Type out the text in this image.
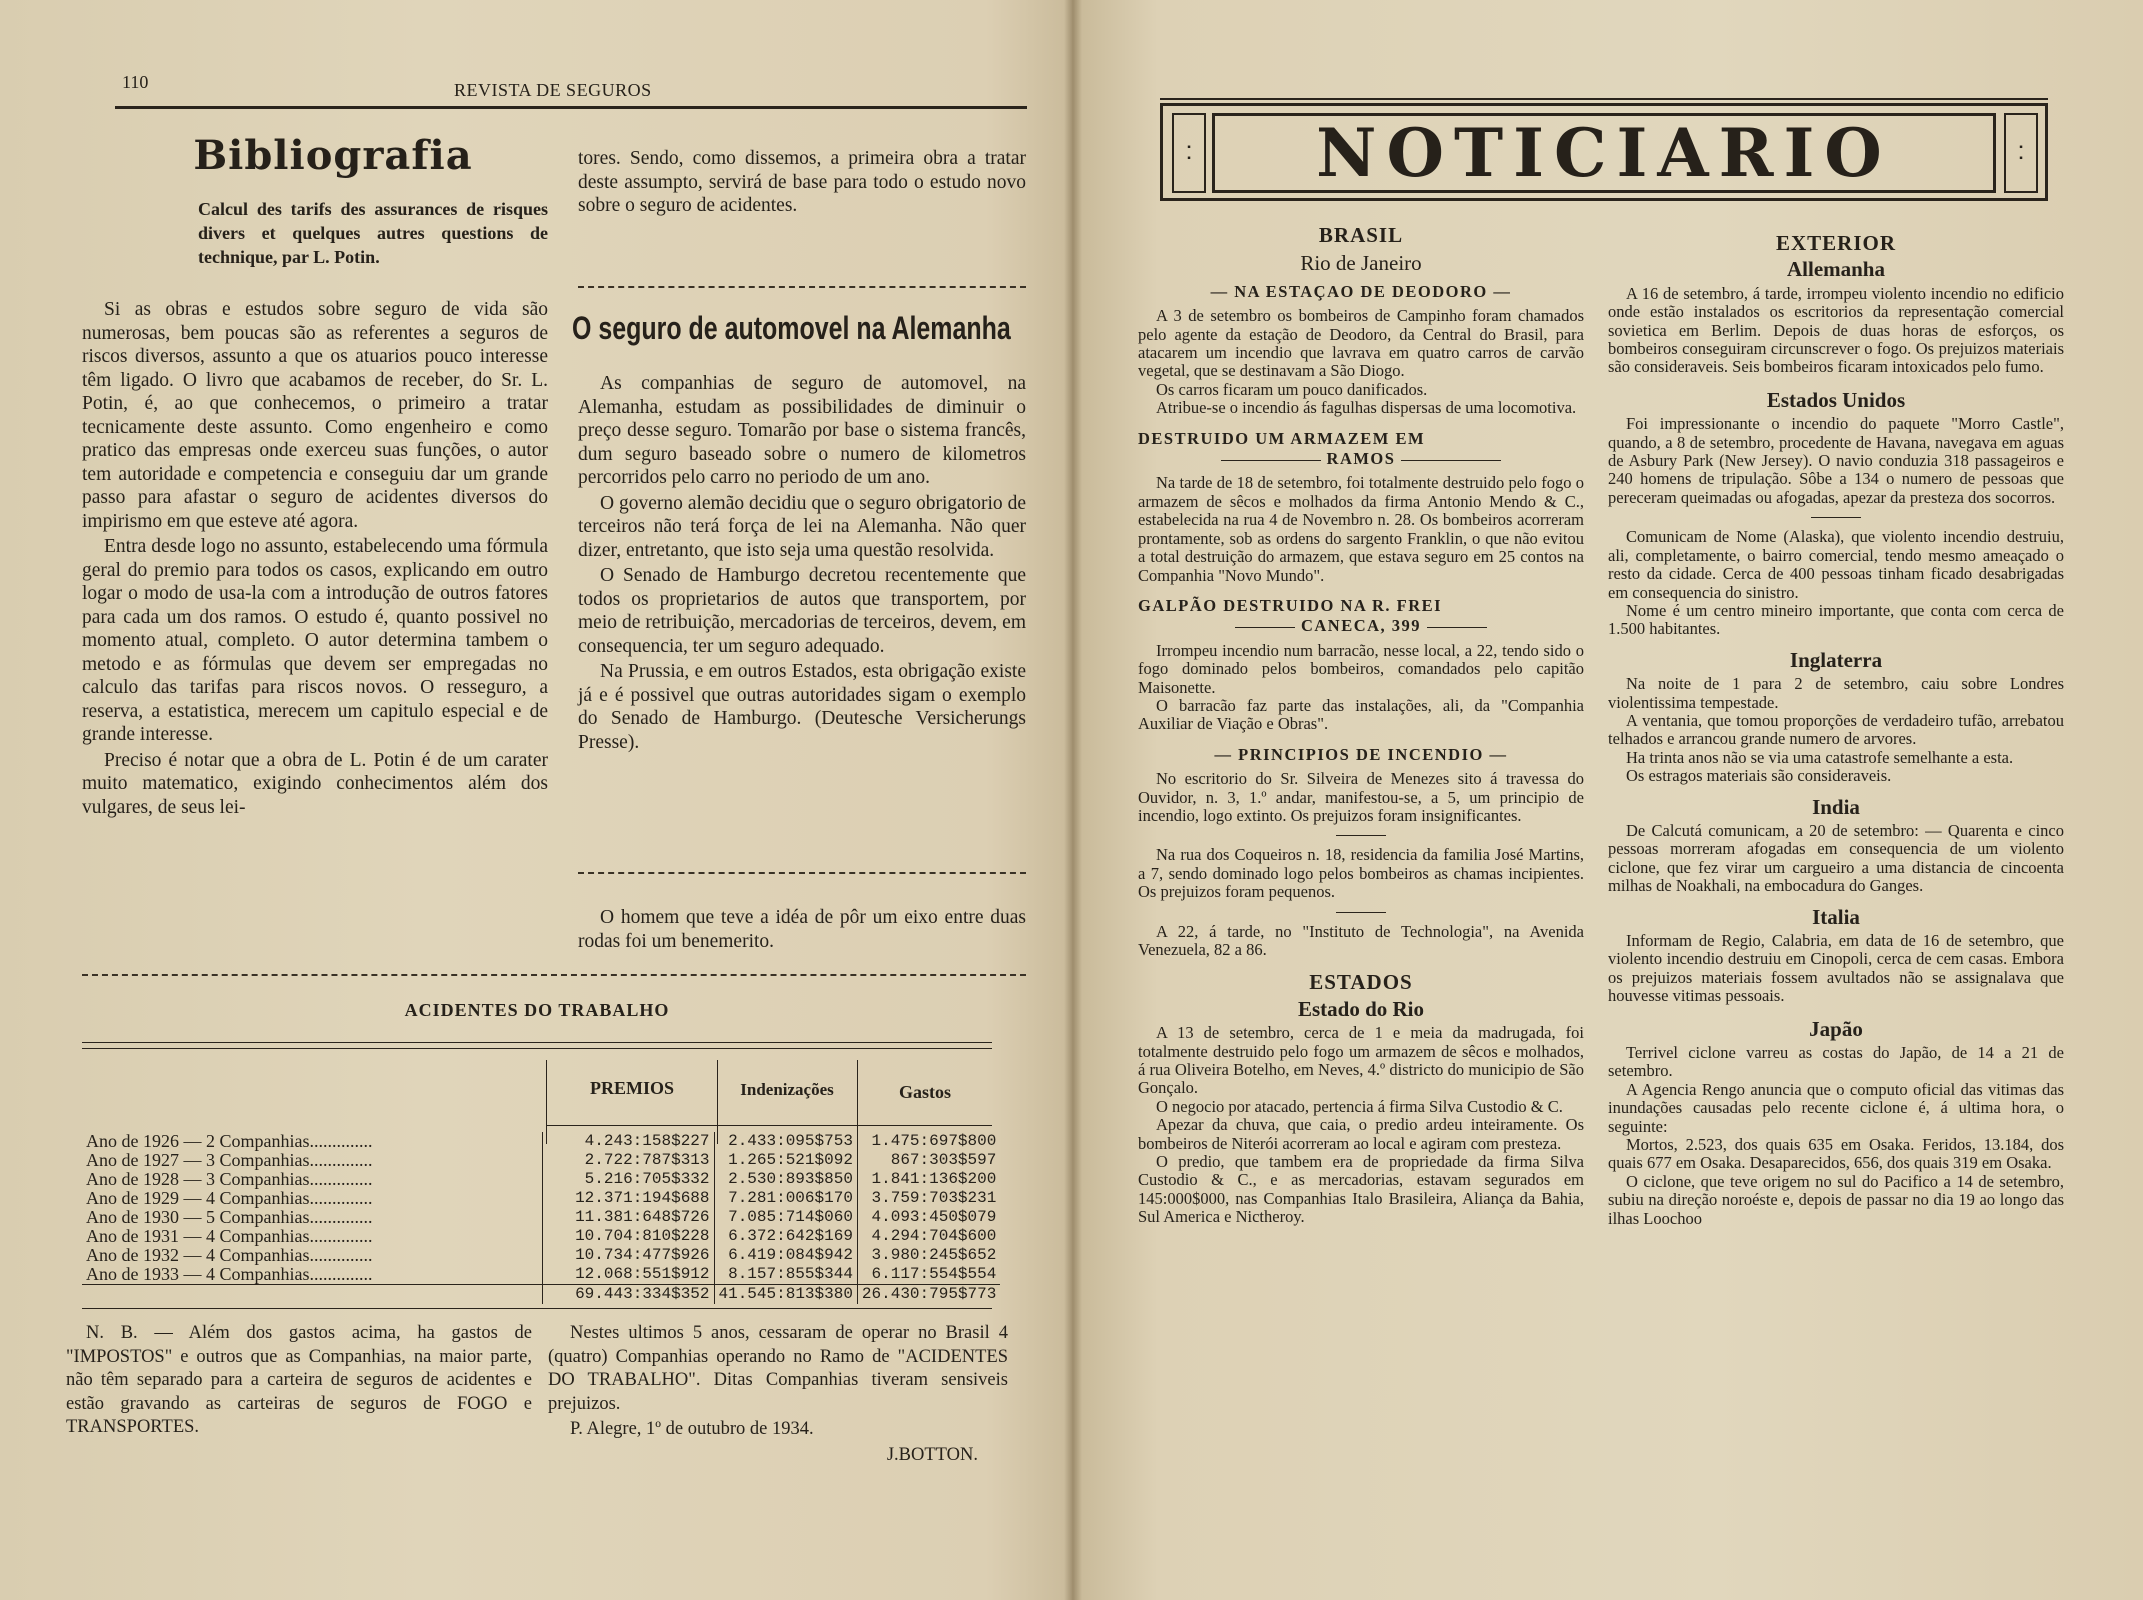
110	REVISTA DE SEGUROS
Bibliografia
Calcul des tarifs des assurances de risques divers et quelques autres questions de technique, par L. Potin.

Si as obras e estudos sobre seguro de vida são numerosas, bem poucas são as referentes a seguros de riscos diversos, assunto a que os atuarios pouco interesse têm ligado. O livro que acabamos de receber, do Sr. L. Potin, é, ao que conhecemos, o primeiro a tratar tecnicamente deste assunto. Como engenheiro e como pratico das empresas onde exerceu suas funções, o autor tem autoridade e competencia e conseguiu dar um grande passo para afastar o seguro de acidentes diversos do impirismo em que esteve até agora.

Entra desde logo no assunto, estabelecendo uma fórmula geral do premio para todos os casos, explicando em outro logar o modo de usa-la com a introdução de outros fatores para cada um dos ramos. O estudo é, quanto possivel no momento atual, completo. O autor determina tambem o metodo e as fórmulas que devem ser empregadas no calculo das tarifas para riscos novos. O resseguro, a reserva, a estatistica, merecem um capitulo especial e de grande interesse.

Preciso é notar que a obra de L. Potin é de um carater muito matematico, exigindo conhecimentos além dos vulgares, de seus lei-

tores. Sendo, como dissemos, a primeira obra a tratar deste assumpto, servirá de base para todo o estudo novo sobre o seguro de acidentes.

O seguro de automovel na Alemanha

As companhias de seguro de automovel, na Alemanha, estudam as possibilidades de diminuir o preço desse seguro. Tomarão por base o sistema francês, dum seguro baseado sobre o numero de kilometros percorridos pelo carro no periodo de um ano.

O governo alemão decidiu que o seguro obrigatorio de terceiros não terá força de lei na Alemanha. Não quer dizer, entretanto, que isto seja uma questão resolvida.

O Senado de Hamburgo decretou recentemente que todos os proprietarios de autos que transportem, por meio de retribuição, mercadorias de terceiros, devem, em consequencia, ter um seguro adequado.

Na Prussia, e em outros Estados, esta obrigação existe já e é possivel que outras autoridades sigam o exemplo do Senado de Hamburgo. (Deutesche Versicherungs Presse).

O homem que teve a idéa de pôr um eixo entre duas rodas foi um benemerito.

ACIDENTES DO TRABALHO
PREMIOS	Indenizações	Gastos
Ano de 1926 — 2 Companhias..............	4.243:158$227	2.433:095$753	1.475:697$800
Ano de 1927 — 3 Companhias..............	2.722:787$313	1.265:521$092	867:303$597
Ano de 1928 — 3 Companhias..............	5.216:705$332	2.530:893$850	1.841:136$200
Ano de 1929 — 4 Companhias..............	12.371:194$688	7.281:006$170	3.759:703$231
Ano de 1930 — 5 Companhias..............	11.381:648$726	7.085:714$060	4.093:450$079
Ano de 1931 — 4 Companhias..............	10.704:810$228	6.372:642$169	4.294:704$600
Ano de 1932 — 4 Companhias..............	10.734:477$926	6.419:084$942	3.980:245$652
Ano de 1933 — 4 Companhias..............	12.068:551$912	8.157:855$344	6.117:554$554
	69.443:334$352	41.545:813$380	26.430:795$773

N. B. — Além dos gastos acima, ha gastos de "IMPOSTOS" e outros que as Companhias, na maior parte, não têm separado para a carteira de seguros de acidentes e estão gravando as carteiras de seguros de FOGO e TRANSPORTES.

Nestes ultimos 5 anos, cessaram de operar no Brasil 4 (quatro) Companhias operando no Ramo de "ACIDENTES DO TRABALHO". Ditas Companhias tiveram sensiveis prejuizos.

P. Alegre, 1º de outubro de 1934.

J.BOTTON.
▪
▪
▪
▪
NOTICIARIO
BRASIL
Rio de Janeiro
— NA ESTAÇAO DE DEODORO —

A 3 de setembro os bombeiros de Campinho foram chamados pelo agente da estação de Deodoro, da Central do Brasil, para atacarem um incendio que lavrava em quatro carros de carvão vegetal, que se destinavam a São Diogo.

Os carros ficaram um pouco danificados.

Atribue-se o incendio ás fagulhas dispersas de uma locomotiva.

DESTRUIDO UM ARMAZEM EM
RAMOS

Na tarde de 18 de setembro, foi totalmente destruido pelo fogo o armazem de sêcos e molhados da firma Antonio Mendo & C., estabelecida na rua 4 de Novembro n. 28. Os bombeiros acorreram prontamente, sob as ordens do sargento Franklin, o que não evitou a total destruição do armazem, que estava seguro em 25 contos na Companhia "Novo Mundo".

GALPÃO DESTRUIDO NA R. FREI
CANECA, 399

Irrompeu incendio num barracão, nesse local, a 22, tendo sido o fogo dominado pelos bombeiros, comandados pelo capitão Maisonette.

O barracão faz parte das instalações, ali, da "Companhia Auxiliar de Viação e Obras".

— PRINCIPIOS DE INCENDIO —

No escritorio do Sr. Silveira de Menezes sito á travessa do Ouvidor, n. 3, 1.º andar, manifestou-se, a 5, um principio de incendio, logo extinto. Os prejuizos foram insignificantes.

Na rua dos Coqueiros n. 18, residencia da familia José Martins, a 7, sendo dominado logo pelos bombeiros as chamas incipientes. Os prejuizos foram pequenos.

A 22, á tarde, no "Instituto de Technologia", na Avenida Venezuela, 82 a 86.

ESTADOS
Estado do Rio

A 13 de setembro, cerca de 1 e meia da madrugada, foi totalmente destruido pelo fogo um armazem de sêcos e molhados, á rua Oliveira Botelho, em Neves, 4.º districto do municipio de São Gonçalo.

O negocio por atacado, pertencia á firma Silva Custodio & C.

Apezar da chuva, que caia, o predio ardeu inteiramente. Os bombeiros de Niterói acorreram ao local e agiram com presteza.

O predio, que tambem era de propriedade da firma Silva Custodio & C., e as mercadorias, estavam segurados em 145:000$000, nas Companhias Italo Brasileira, Aliança da Bahia, Sul America e Nictheroy.

EXTERIOR
Allemanha

A 16 de setembro, á tarde, irrompeu violento incendio no edificio onde estão instalados os escritorios da representação comercial sovietica em Berlim. Depois de duas horas de esforços, os bombeiros conseguiram circunscrever o fogo. Os prejuizos materiais são consideraveis. Seis bombeiros ficaram intoxicados pelo fumo.

Estados Unidos

Foi impressionante o incendio do paquete "Morro Castle", quando, a 8 de setembro, procedente de Havana, navegava em aguas de Asbury Park (New Jersey). O navio conduzia 318 passageiros e 240 homens de tripulação. Sôbe a 134 o numero de pessoas que pereceram queimadas ou afogadas, apezar da presteza dos socorros.

Comunicam de Nome (Alaska), que violento incendio destruiu, ali, completamente, o bairro comercial, tendo mesmo ameaçado o resto da cidade. Cerca de 400 pessoas tinham ficado desabrigadas em consequencia do sinistro.

Nome é um centro mineiro importante, que conta com cerca de 1.500 habitantes.

Inglaterra

Na noite de 1 para 2 de setembro, caiu sobre Londres violentissima tempestade.

A ventania, que tomou proporções de verdadeiro tufão, arrebatou telhados e arrancou grande numero de arvores.

Ha trinta anos não se via uma catastrofe semelhante a esta.

Os estragos materiais são consideraveis.

India

De Calcutá comunicam, a 20 de setembro: — Quarenta e cinco pessoas morreram afogadas em consequencia de um violento ciclone, que fez virar um cargueiro a uma distancia de cincoenta milhas de Noakhali, na embocadura do Ganges.

Italia

Informam de Regio, Calabria, em data de 16 de setembro, que violento incendio destruiu em Cinopoli, cerca de cem casas. Embora os prejuizos materiais fossem avultados não se assignalava que houvesse vitimas pessoais.

Japão

Terrivel ciclone varreu as costas do Japão, de 14 a 21 de setembro.

A Agencia Rengo anuncia que o computo oficial das vitimas das inundações causadas pelo recente ciclone é, á ultima hora, o seguinte:

Mortos, 2.523, dos quais 635 em Osaka. Feridos, 13.184, dos quais 677 em Osaka. Desaparecidos, 656, dos quais 319 em Osaka.

O ciclone, que teve origem no sul do Pacifico a 14 de setembro, subiu na direção noroéste e, depois de passar no dia 19 ao longo das ilhas Loochoo
